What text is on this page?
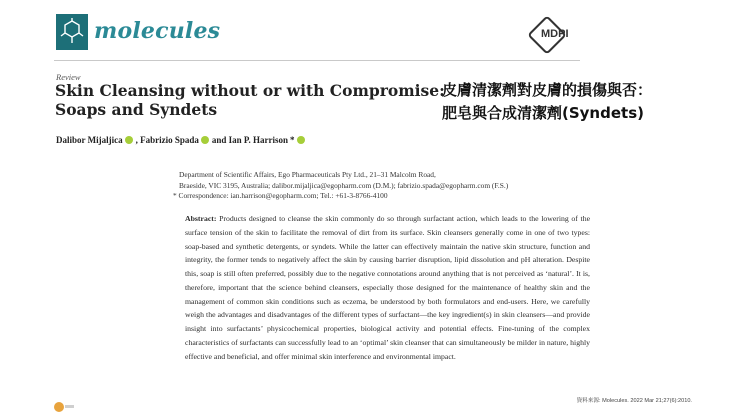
molecules	MDPI
Review
Skin Cleansing without or with Compromise: Soaps and Syndets
皮膚清潔劑對皮膚的損傷與否：
肥皂與合成清潔劑(Syndets)
Dalibor Mijaljica , Fabrizio Spada and
Ian P. Harrison *
Department of Scientific Affairs, Ego Pharmaceuticals Pty Ltd., 21–31 Malcolm Road,
Braeside, VIC 3195, Australia; dalibor.mijaljica@egopharm.com (D.M.); fabrizio.spada@egopharm.com (F.S.)
* Correspondence: ian.harrison@egopharm.com; Tel.: +61-3-8766-4100
Abstract: Products designed to cleanse the skin commonly do so through surfactant action, which leads to the lowering of the surface tension of the skin to facilitate the removal of dirt from its surface. Skin cleansers generally come in one of two types: soap-based and synthetic detergents, or syndets. While the latter can effectively maintain the native skin structure, function and integrity, the former tends to negatively affect the skin by causing barrier disruption, lipid dissolution and pH alteration. Despite this, soap is still often preferred, possibly due to the negative connotations around anything that is not perceived as ‘natural’. It is, therefore, important that the science behind cleansers, especially those designed for the maintenance of healthy skin and the management of common skin conditions such as eczema, be understood by both formulators and end-users. Here, we carefully weigh the advantages and disadvantages of the different types of surfactant—the key ingredient(s) in skin cleansers—and provide insight into surfactants’ physicochemical properties, biological activity and potential effects. Fine-tuning of the complex characteristics of surfactants can successfully lead to an ‘optimal’ skin cleanser that can simultaneously be milder in nature, highly effective and beneficial, and offer minimal skin interference and environmental impact.
資料來源: Molecules. 2022 Mar 21;27(6):2010.
